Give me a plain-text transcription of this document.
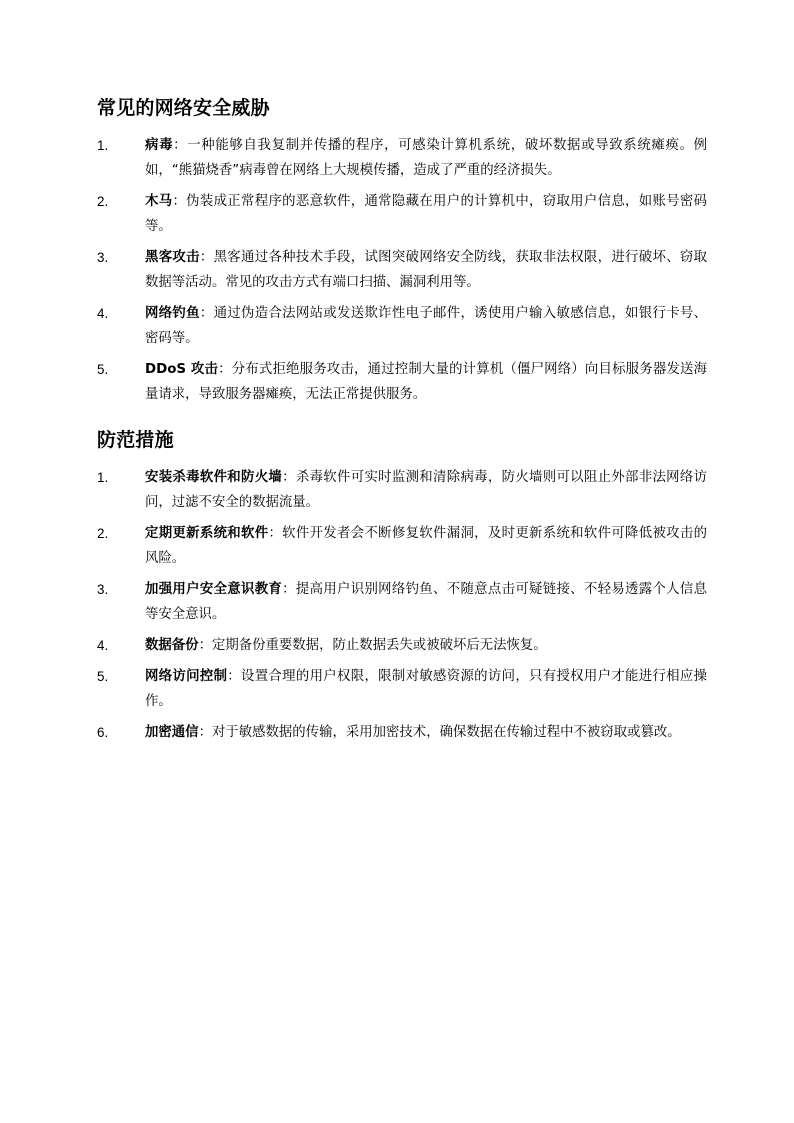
常见的网络安全威胁
1.	病毒：一种能够自我复制并传播的程序，可感染计算机系统，破坏数据或导致系统瘫痪。例如，“熊猫烧香”病毒曾在网络上大规模传播，造成了严重的经济损失。
2.	木马：伪装成正常程序的恶意软件，通常隐藏在用户的计算机中，窃取用户信息，如账号密码等。
3.	黑客攻击：黑客通过各种技术手段，试图突破网络安全防线，获取非法权限，进行破坏、窃取数据等活动。常见的攻击方式有端口扫描、漏洞利用等。
4.	网络钓鱼：通过伪造合法网站或发送欺诈性电子邮件，诱使用户输入敏感信息，如银行卡号、密码等。
5.	DDoS 攻击：分布式拒绝服务攻击，通过控制大量的计算机（僵尸网络）向目标服务器发送海量请求，导致服务器瘫痪，无法正常提供服务。
防范措施
1.	安装杀毒软件和防火墙：杀毒软件可实时监测和清除病毒，防火墙则可以阻止外部非法网络访问，过滤不安全的数据流量。
2.	定期更新系统和软件：软件开发者会不断修复软件漏洞，及时更新系统和软件可降低被攻击的风险。
3.	加强用户安全意识教育：提高用户识别网络钓鱼、不随意点击可疑链接、不轻易透露个人信息等安全意识。
4.	数据备份：定期备份重要数据，防止数据丢失或被破坏后无法恢复。
5.	网络访问控制：设置合理的用户权限，限制对敏感资源的访问，只有授权用户才能进行相应操作。
6.	加密通信：对于敏感数据的传输，采用加密技术，确保数据在传输过程中不被窃取或篡改。
